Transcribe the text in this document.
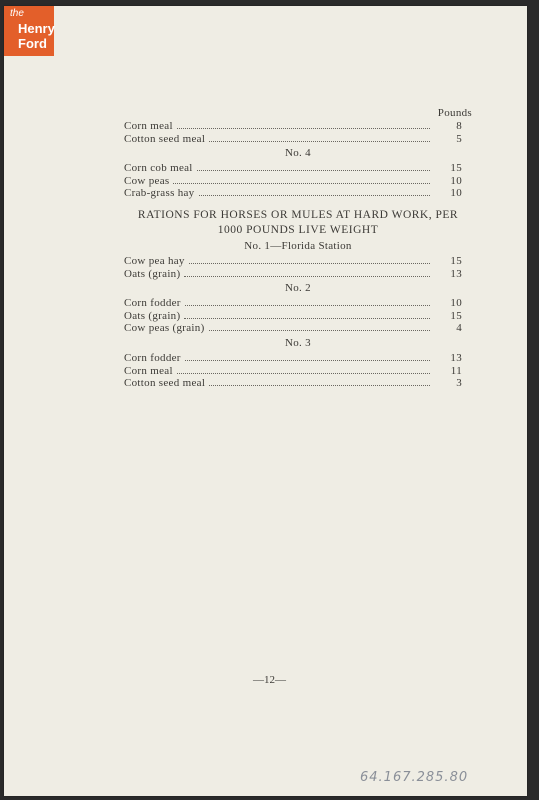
the
Henry
Ford
Pounds
Corn meal	8
Cotton seed meal	5
No. 4
Corn cob meal	15
Cow peas	10
Crab-grass hay	10
RATIONS FOR HORSES OR MULES AT HARD WORK, PER
1000 POUNDS LIVE WEIGHT
No. 1—Florida Station
Cow pea hay	15
Oats (grain)	13
No. 2
Corn fodder	10
Oats (grain)	15
Cow peas (grain)	4
No. 3
Corn fodder	13
Corn meal	11
Cotton seed meal	3
—12—
64.167.285.80
